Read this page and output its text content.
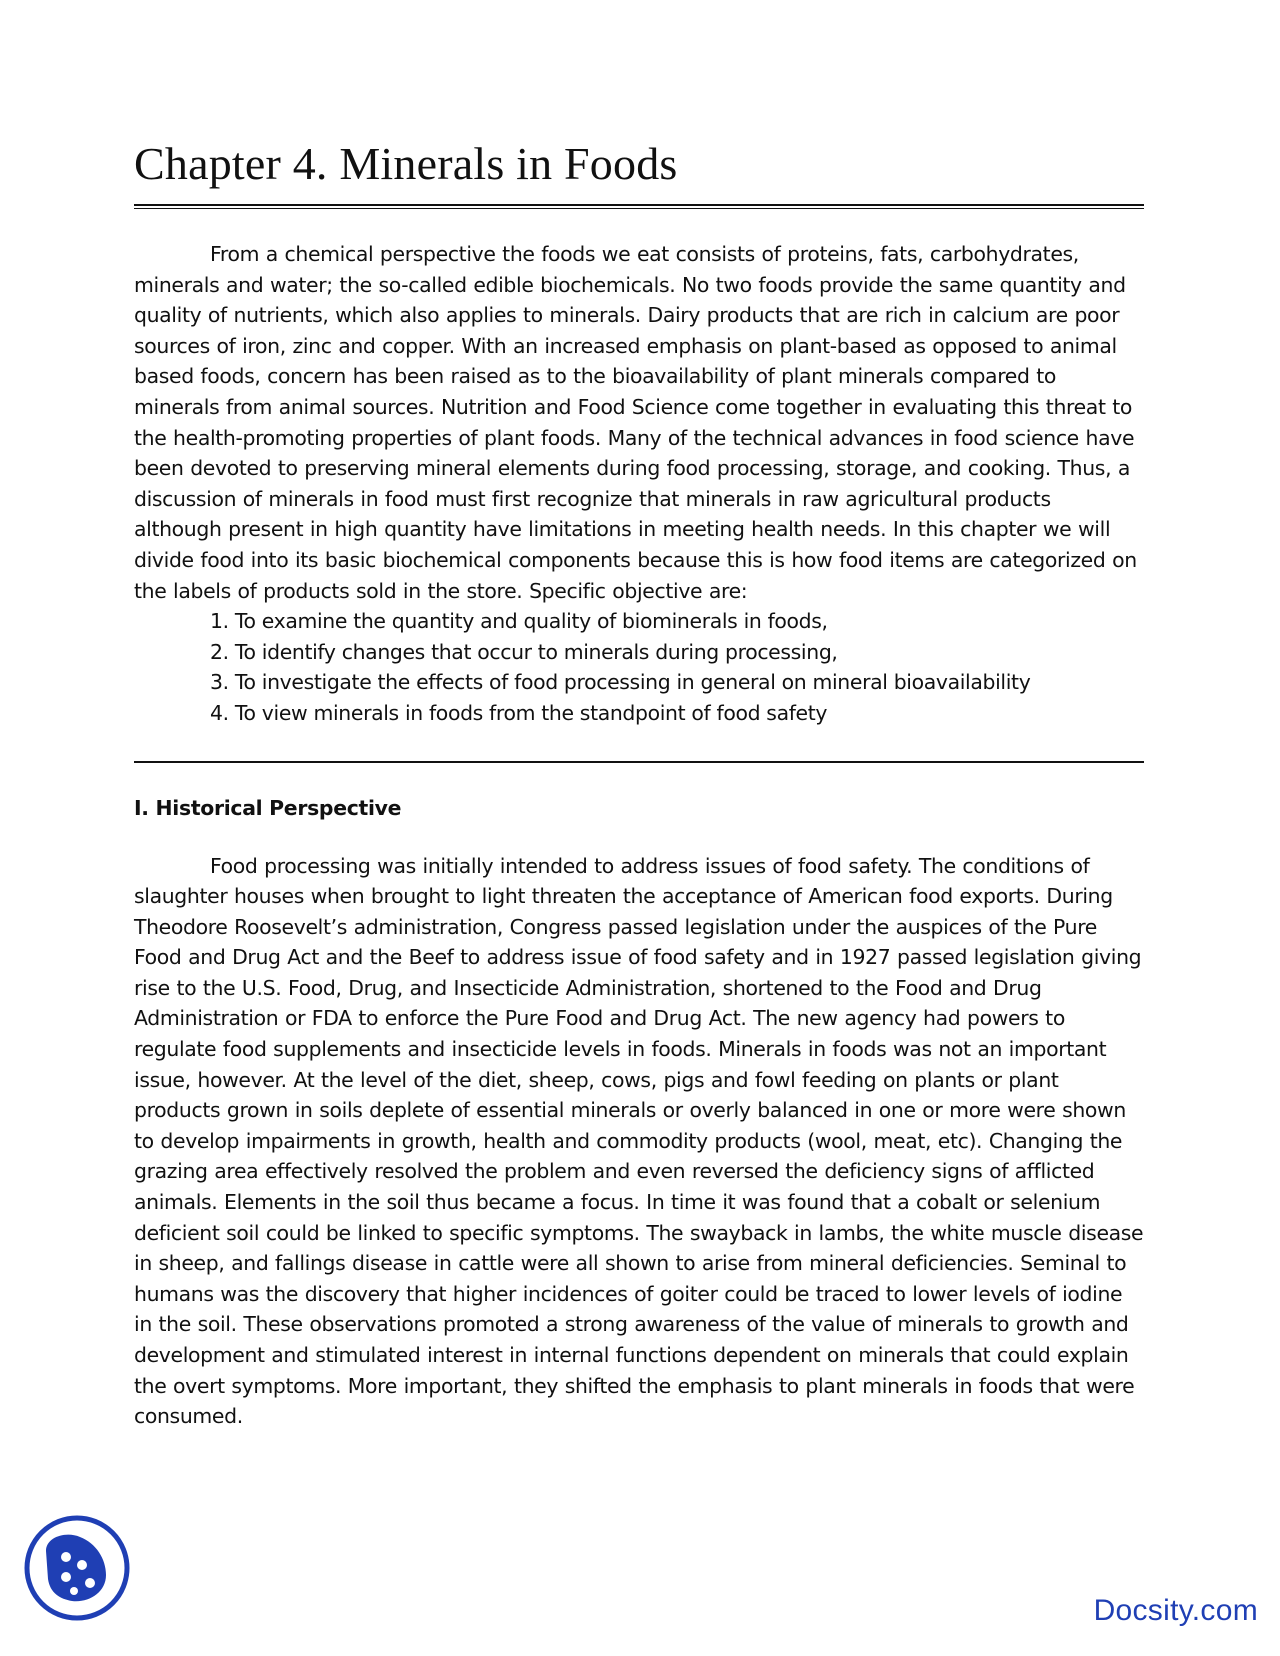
Chapter 4. Minerals in Foods

From a chemical perspective the foods we eat consists of proteins, fats, carbohydrates, minerals and water; the so-called edible biochemicals. No two foods provide the same quantity and quality of nutrients, which also applies to minerals. Dairy products that are rich in calcium are poor sources of iron, zinc and copper. With an increased emphasis on plant-based as opposed to animal based foods, concern has been raised as to the bioavailability of plant minerals compared to minerals from animal sources. Nutrition and Food Science come together in evaluating this threat to the health-promoting properties of plant foods. Many of the technical advances in food science have been devoted to preserving mineral elements during food processing, storage, and cooking. Thus, a discussion of minerals in food must first recognize that minerals in raw agricultural products although present in high quantity have limitations in meeting health needs. In this chapter we will divide food into its basic biochemical components because this is how food items are categorized on the labels of products sold in the store. Specific objective are:

1. To examine the quantity and quality of biominerals in foods,
2. To identify changes that occur to minerals during processing,
3. To investigate the effects of food processing in general on mineral bioavailability
4. To view minerals in foods from the standpoint of food safety
I. Historical Perspective

Food processing was initially intended to address issues of food safety. The conditions of slaughter houses when brought to light threaten the acceptance of American food exports. During Theodore Roosevelt’s administration, Congress passed legislation under the auspices of the Pure Food and Drug Act and the Beef to address issue of food safety and in 1927 passed legislation giving rise to the U.S. Food, Drug, and Insecticide Administration, shortened to the Food and Drug Administration or FDA to enforce the Pure Food and Drug Act. The new agency had powers to regulate food supplements and insecticide levels in foods. Minerals in foods was not an important issue, however. At the level of the diet, sheep, cows, pigs and fowl feeding on plants or plant products grown in soils deplete of essential minerals or overly balanced in one or more were shown to develop impairments in growth, health and commodity products (wool, meat, etc). Changing the grazing area effectively resolved the problem and even reversed the deficiency signs of afflicted animals. Elements in the soil thus became a focus. In time it was found that a cobalt or selenium deficient soil could be linked to specific symptoms. The swayback in lambs, the white muscle disease in sheep, and fallings disease in cattle were all shown to arise from mineral deficiencies. Seminal to humans was the discovery that higher incidences of goiter could be traced to lower levels of iodine in the soil. These observations promoted a strong awareness of the value of minerals to growth and development and stimulated interest in internal functions dependent on minerals that could explain the overt symptoms. More important, they shifted the emphasis to plant minerals in foods that were consumed.

Docsity.com
